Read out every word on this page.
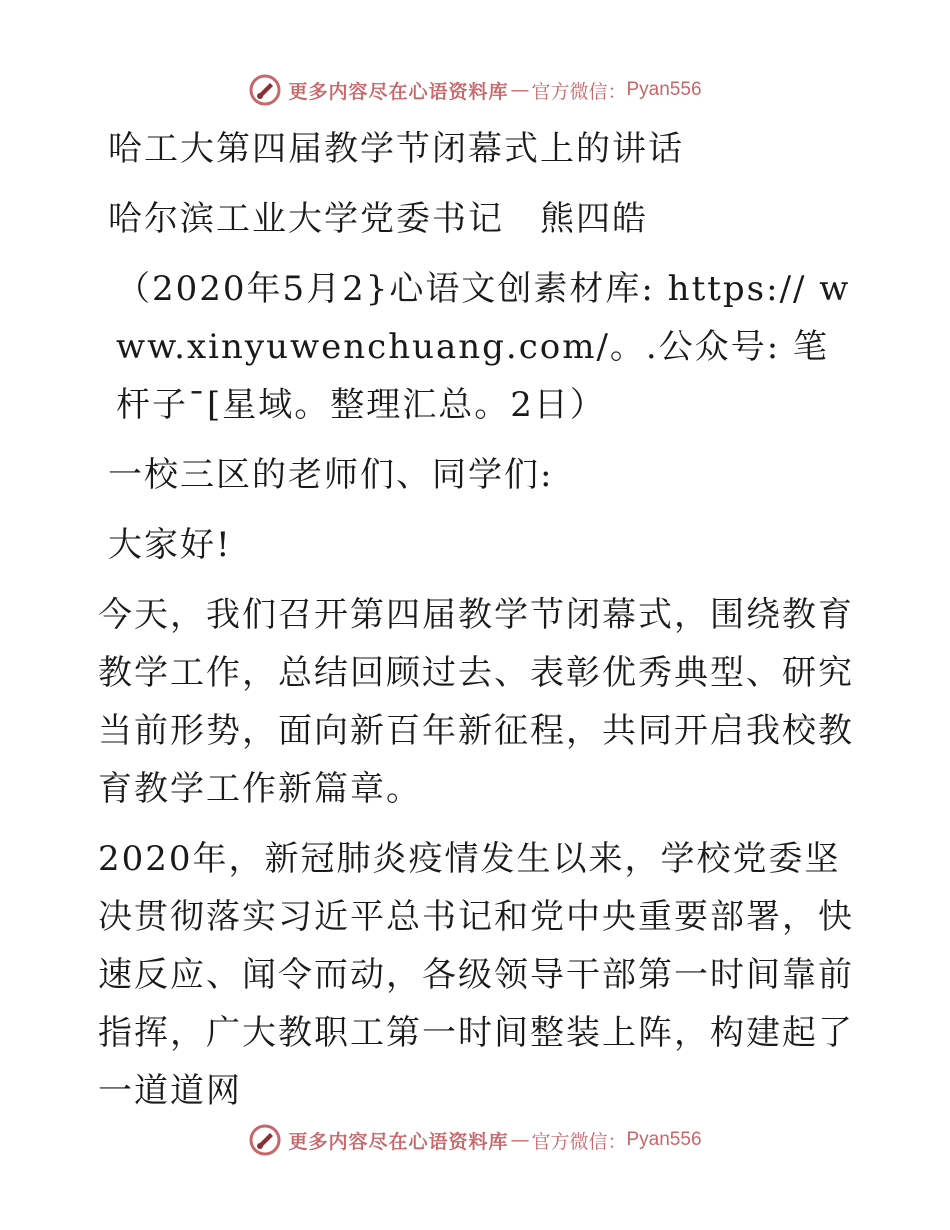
更多内容尽在心语资料库 — 官方微信： Pyan556

哈工大第四届教学节闭幕式上的讲话

哈尔滨工业大学党委书记　熊四皓

（2020年5月2}心语文创素材库: https:// www.xinyuwenchuang.com/。.公众号: 笔杆子¯[星域。整理汇总。2日）

一校三区的老师们、同学们:

大家好!

今天，我们召开第四届教学节闭幕式，围绕教育教学工作，总结回顾过去、表彰优秀典型、研究当前形势，面向新百年新征程，共同开启我校教育教学工作新篇章。

2020年，新冠肺炎疫情发生以来，学校党委坚决贯彻落实习近平总书记和党中央重要部署，快速反应、闻令而动，各级领导干部第一时间靠前指挥，广大教职工第一时间整装上阵，构建起了一道道网

更多内容尽在心语资料库 — 官方微信： Pyan556
